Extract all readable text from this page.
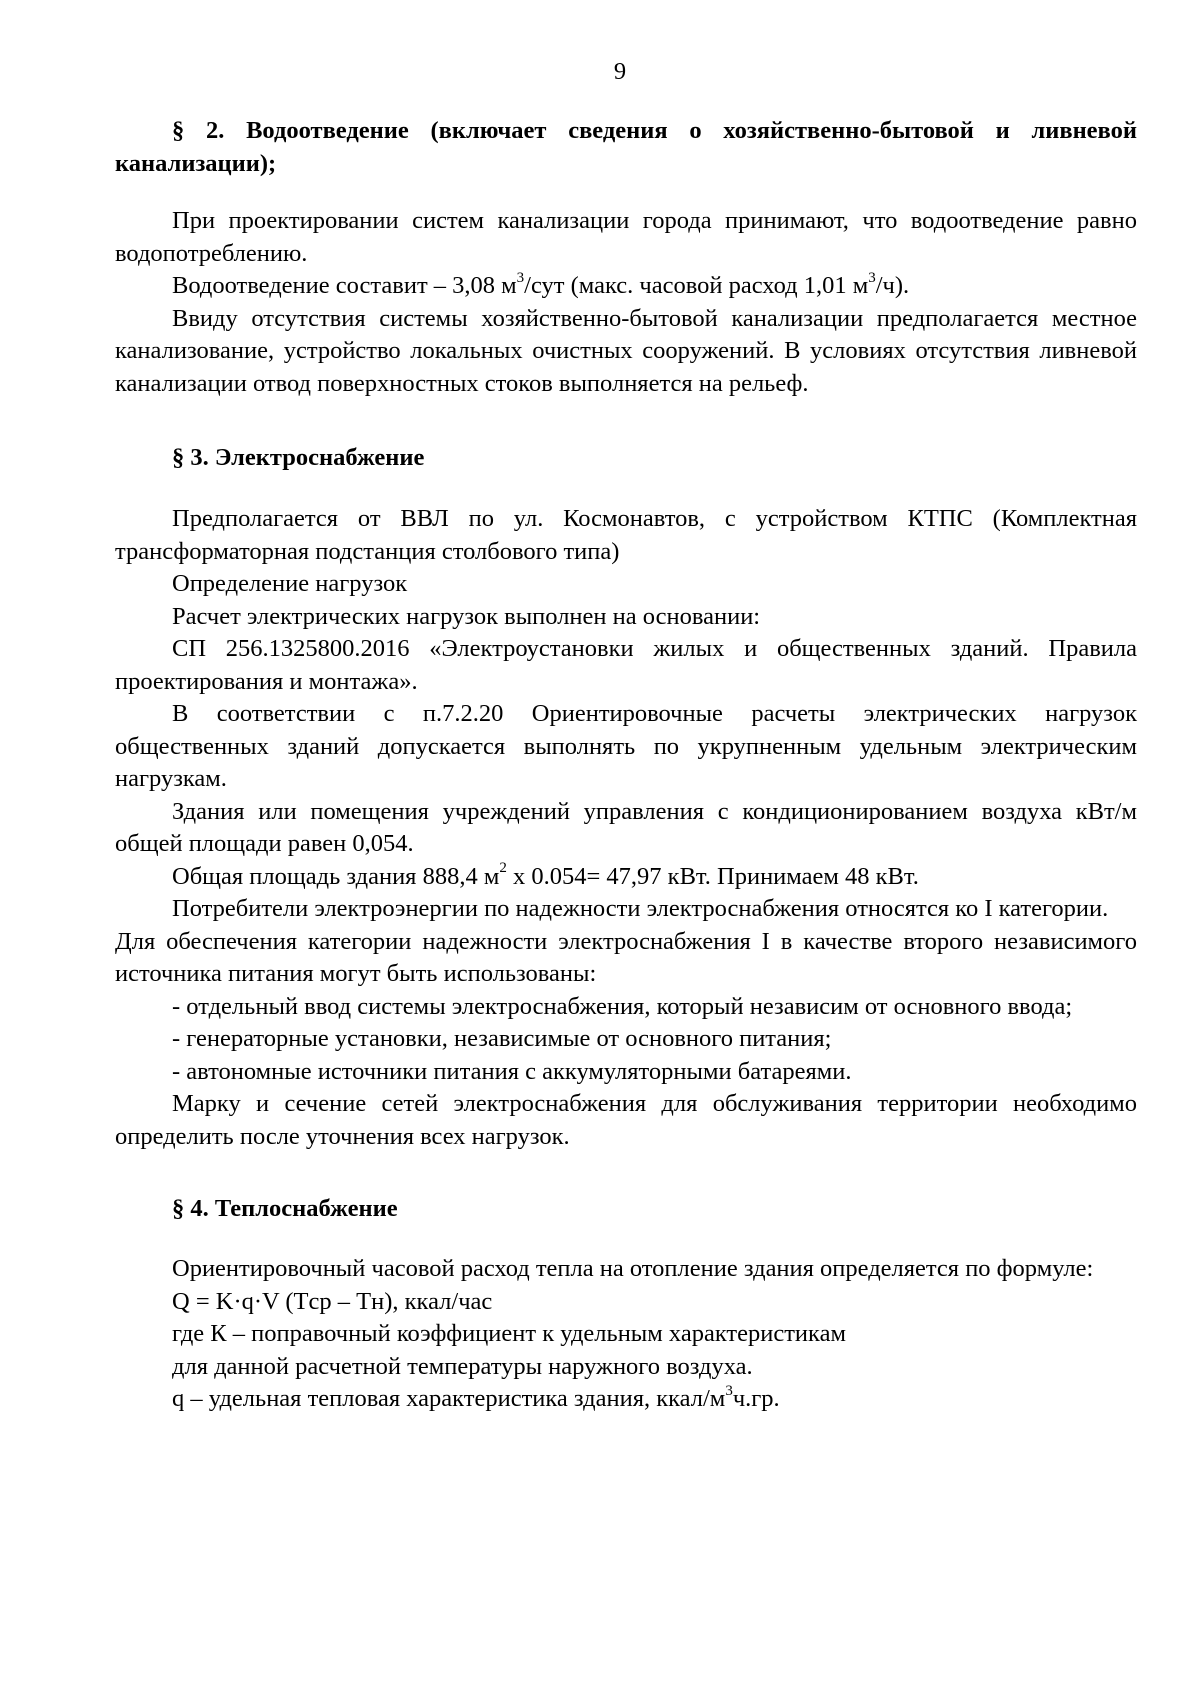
9

§ 2. Водоотведение (включает сведения о хозяйственно-бытовой и ливневой канализации);

При проектировании систем канализации города принимают, что водоотведение равно водопотреблению.

Водоотведение составит – 3,08 $м^3$/сут (макс. часовой расход 1,01 $м^3/ч$).

Ввиду отсутствия системы хозяйственно-бытовой канализации предполагается местное канализование, устройство локальных очистных сооружений. В условиях отсутствия ливневой канализации отвод поверхностных стоков выполняется на рельеф.

§ 3. Электроснабжение

Предполагается от ВВЛ по ул. Космонавтов, с устройством КТПС (Комплектная трансформаторная подстанция столбового типа)

Определение нагрузок

Расчет электрических нагрузок выполнен на основании:

СП 256.1325800.2016 «Электроустановки жилых и общественных зданий. Правила проектирования и монтажа».

В соответствии с п.7.2.20 Ориентировочные расчеты электрических нагрузок общественных зданий допускается выполнять по укрупненным удельным электрическим нагрузкам.

Здания или помещения учреждений управления с кондиционированием воздуха кВт/м общей площади равен 0,054.

Общая площадь здания 888,4 $м^2$ х 0.054= 47,97 кВт. Принимаем 48 кВт.

Потребители электроэнергии по надежности электроснабжения относятся ко I категории.

Для обеспечения категории надежности электроснабжения I в качестве второго независимого источника питания могут быть использованы:

- отдельный ввод системы электроснабжения, который независим от основного ввода;

- генераторные установки, независимые от основного питания;

- автономные источники питания с аккумуляторными батареями.

Марку и сечение сетей электроснабжения для обслуживания территории необходимо определить после уточнения всех нагрузок.

§ 4. Теплоснабжение

Ориентировочный часовой расход тепла на отопление здания определяется по формуле:

Q = K·q·V (Tср – Tн), ккал/час

где К – поправочный коэффициент к удельным характеристикам

для данной расчетной температуры наружного воздуха.

q – удельная тепловая характеристика здания, ккал/$м^3ч.гр$.
